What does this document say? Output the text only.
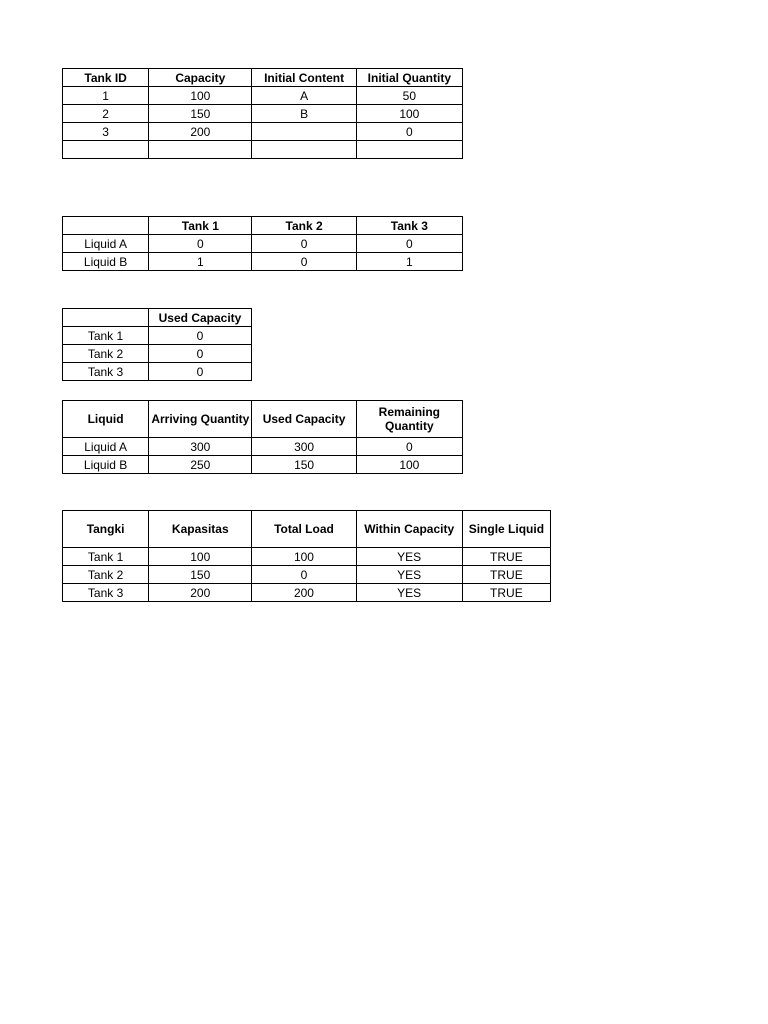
Tank ID	Capacity	Initial Content	Initial Quantity
1	100	A	50
2	150	B	100
3	200		0

	Tank 1	Tank 2	Tank 3
Liquid A	0	0	0
Liquid B	1	0	1
	Used Capacity
Tank 1	0
Tank 2	0
Tank 3	0
Liquid	Arriving Quantity	Used Capacity	Remaining Quantity
Liquid A	300	300	0
Liquid B	250	150	100
Tangki	Kapasitas	Total Load	Within Capacity	Single Liquid
Tank 1	100	100	YES	TRUE
Tank 2	150	0	YES	TRUE
Tank 3	200	200	YES	TRUE
